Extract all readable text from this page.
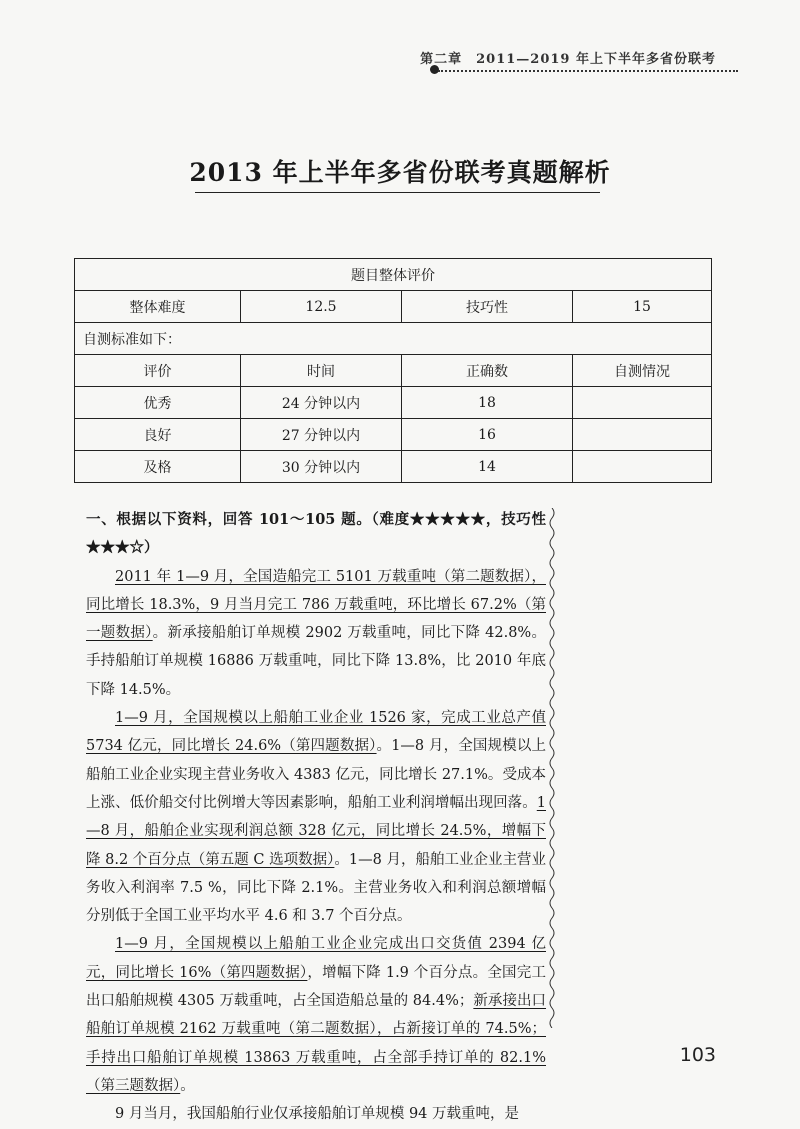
第二章　2011—2019 年上下半年多省份联考
2013 年上半年多省份联考真题解析
题目整体评价			
整体难度	12.5	技巧性	15
自测标准如下：			
评价	时间	正确数	自测情况
优秀	24 分钟以内	18	
良好	27 分钟以内	16	
及格	30 分钟以内	14	

一、根据以下资料，回答 101～105 题。（难度★★★★★，技巧性★★★☆）

2011 年 1—9 月，全国造船完工 5101 万载重吨（第二题数据），同比增长 18.3%，9 月当月完工 786 万载重吨，环比增长 67.2%（第一题数据）。新承接船舶订单规模 2902 万载重吨，同比下降 42.8%。手持船舶订单规模 16886 万载重吨，同比下降 13.8%，比 2010 年底下降 14.5%。

1—9 月，全国规模以上船舶工业企业 1526 家，完成工业总产值 5734 亿元，同比增长 24.6%（第四题数据）。1—8 月，全国规模以上船舶工业企业实现主营业务收入 4383 亿元，同比增长 27.1%。受成本上涨、低价船交付比例增大等因素影响，船舶工业利润增幅出现回落。1—8 月，船舶企业实现利润总额 328 亿元，同比增长 24.5%，增幅下降 8.2 个百分点（第五题 C 选项数据）。1—8 月，船舶工业企业主营业务收入利润率 7.5 %，同比下降 2.1%。主营业务收入和利润总额增幅分别低于全国工业平均水平 4.6 和 3.7 个百分点。

1—9 月，全国规模以上船舶工业企业完成出口交货值 2394 亿元，同比增长 16%（第四题数据），增幅下降 1.9 个百分点。全国完工出口船舶规模 4305 万载重吨，占全国造船总量的 84.4%；新承接出口船舶订单规模 2162 万载重吨（第二题数据），占新接订单的 74.5%；手持出口船舶订单规模 13863 万载重吨，占全部手持订单的 82.1%（第三题数据）。

9 月当月，我国船舶行业仅承接船舶订单规模 94 万载重吨，是

103
